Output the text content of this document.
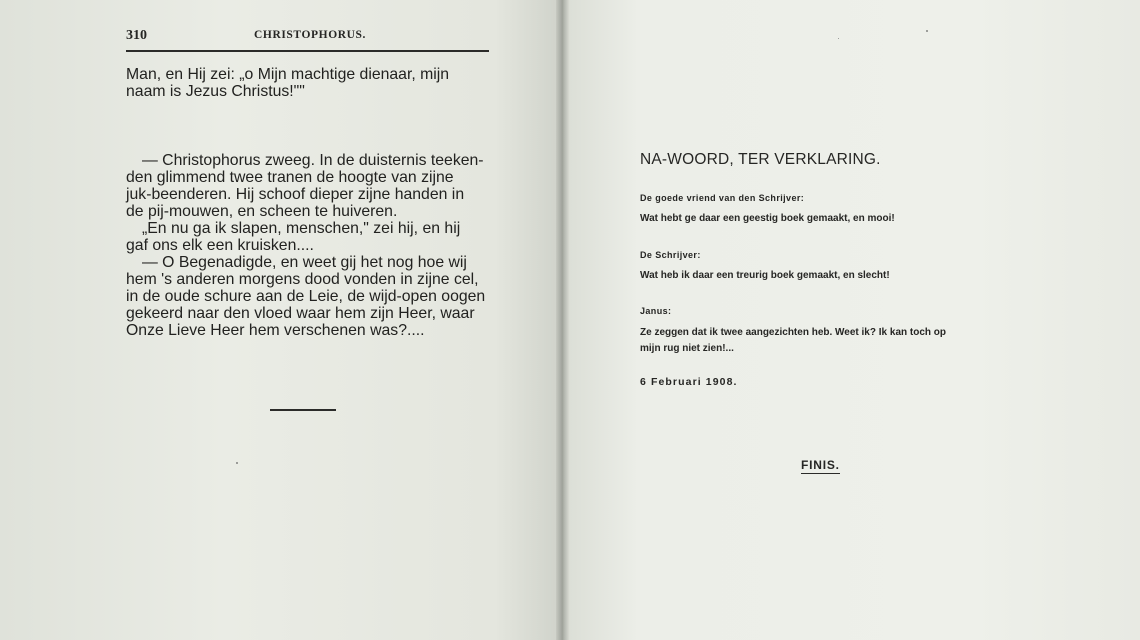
310	CHRISTOPHORUS.
Man, en Hij zei: „o Mijn machtige dienaar, mijn
naam is Jezus Christus!""
— Christophorus zweeg. In de duisternis teeken-
den glimmend twee tranen de hoogte van zijne
juk-beenderen. Hij schoof dieper zijne handen in
de pij-mouwen, en scheen te huiveren.
„En nu ga ik slapen, menschen," zei hij, en hij
gaf ons elk een kruisken....
— O Begenadigde, en weet gij het nog hoe wij
hem 's anderen morgens dood vonden in zijne cel,
in de oude schure aan de Leie, de wijd-open oogen
gekeerd naar den vloed waar hem zijn Heer, waar
Onze Lieve Heer hem verschenen was?....
NA-WOORD, TER VERKLARING.
De goede vriend van den Schrijver:
Wat hebt ge daar een geestig boek gemaakt, en mooi!
De Schrijver:
Wat heb ik daar een treurig boek gemaakt, en slecht!
Janus:
Ze zeggen dat ik twee aangezichten heb. Weet ik? Ik kan toch op
mijn rug niet zien!...
6 Februari 1908.
FINIS.
